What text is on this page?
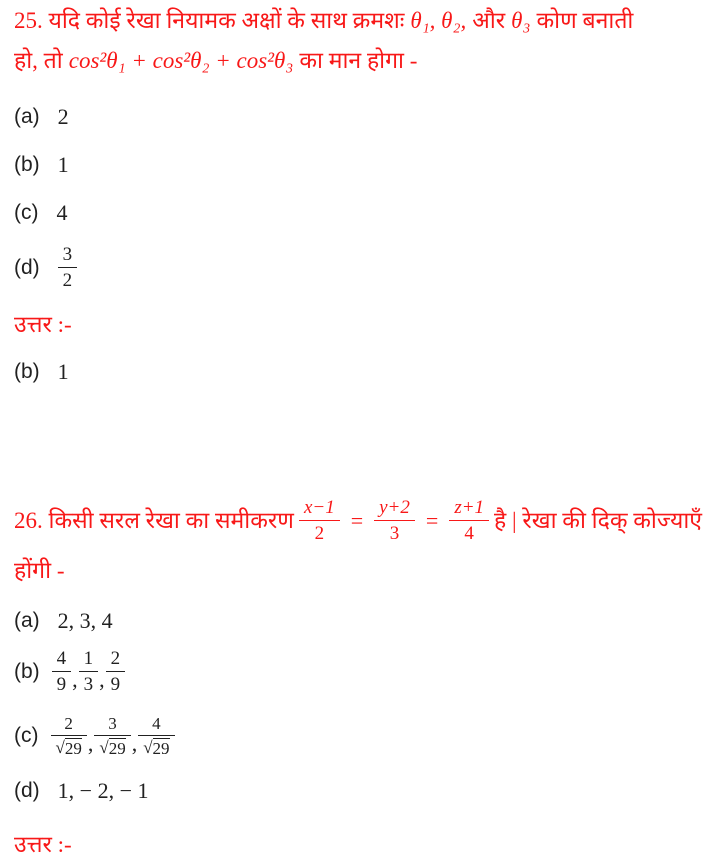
25. यदि कोई रेखा नियामक अक्षों के साथ क्रमशः θ₁, θ₂, और θ₃ कोण बनाती
हो, तो cos²θ₁ + cos²θ₂ + cos²θ₃ का मान होगा -
(a) 2
(b) 1
(c) 4
$(d) \frac{3}{2}$
उत्तर :-
(b) 1
26. किसी सरल रेखा का समीकरण $\frac{x-1}{2} = \frac{y+2}{3} = \frac{z+1}{4}$ है | रेखा की दिक् कोज्याएँ
होंगी -
(a) 2, 3, 4
$(b) \frac{4}{9}$ , $\frac{1}{3}$ , $\frac{2}{9}$
$(c) \frac{2}{√ 29}$ , $\frac{3}{√ 29}$ , $\frac{4}{√ 29}$
(d) 1, − 2, − 1
उत्तर :-
